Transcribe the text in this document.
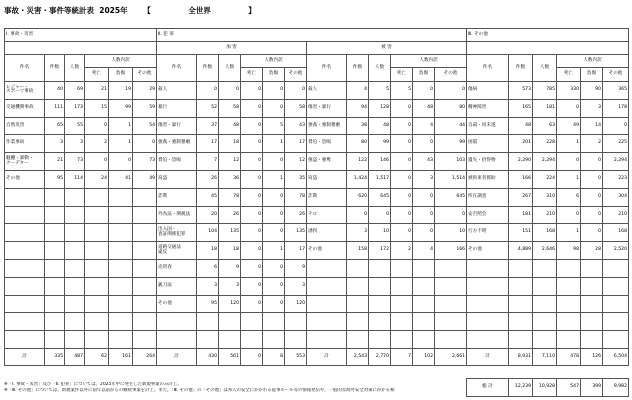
事故・災害・事件等統計表  2025年 【　　　　　全世界　　　　　】
Ⅰ. 事故・災害					

件名	件数	人数	人数内訳		
			死亡	負傷	その他
レジャー・
スポーツ事故	40	69	21	19	29
交通機関事故	111	173	15	99	59
自然災害	65	55	0	1	54
作業事故	3	3	2	1	0
騒擾・暴動・
クーデター	21	73	0	0	73
その他	95	114	24	41	49

計	335	487	62	161	264
Ⅱ. 犯 罪											
加 害						被 害					
件名	件数	人数	人数内訳			件名	件数	人数	人数内訳		
			死亡	負傷	その他				死亡	負傷	その他
殺人	0	0	0	0	0	殺人	4	5	5	0	0
暴行	52	58	0	0	58	傷害・暴行	94	128	0	48	80
傷害・暴行	37	48	0	5	43	強姦・強制猥褻	38	48	0	4	44
強姦・強制猥褻	17	18	0	1	17	脅迫・恐喝	80	99	0	0	99
脅迫・恐喝	7	12	0	0	12	強盗・強奪	122	146	0	43	103
窃盗	26	36	0	1	35	窃盗	1,424	1,517	0	3	1,514
詐欺	45	78	0	0	78	詐欺	620	645	0	0	645
外為法・関税法	20	26	0	0	26	テロ	0	0	0	0	0
出入国・
査証関係犯罪	104	135	0	0	135	誘拐	3	10	0	0	10
道路交通法
違反	18	18	0	1	17	その他	158	172	2	4	166
売買春	6	9	0	0	9						
銃刀法	3	3	0	0	3						
その他	95	120	0	0	120						

計	430	561	0	8	553	計	2,543	2,770	7	102	2,661
Ⅲ. その他					

件名	件数	人数	人数内訳		
			死亡	負傷	その他
傷病	573	785	330	90	365
精神障害	165	181	0	3	178
自殺・同未遂	48	63	49	14	0
困窮	201	228	1	2	225
遺失・拾得物	2,290	2,294	0	0	2,294
被拘束者援助	166	224	1	0	223
所在調査	267	310	6	0	304
安否照会	181	210	0	0	210
行方不明	151	168	1	0	168
その他	4,889	2,646	98	28	2,520

計	8,931	7,110	478	126	6,504
総 計	12,239	10,928	547	399	9,982
※「Ⅰ. 事故・災害」及び「Ⅱ. 犯罪」については，2025年中に発生した新規事案のみ計上。
※「Ⅲ. その他」については，新規案件以外に前年以前からの継続事案を計上。また，「Ⅲ. その他」の「その他」は邦人の安全にかかわる従事ルール等の情報発信や，一般的な海外安全対策にかかる相
